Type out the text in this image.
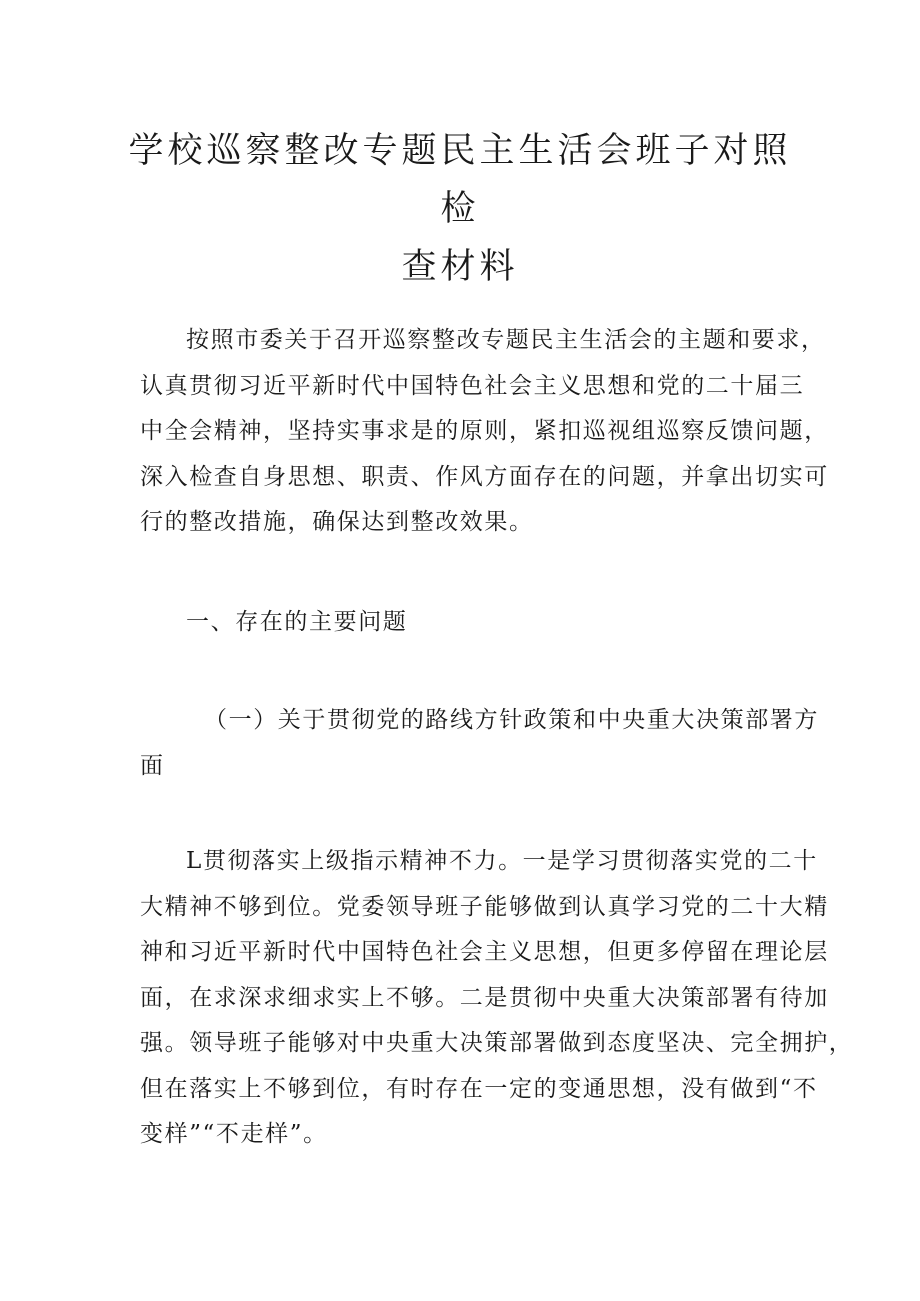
学校巡察整改专题民主生活会班子对照检
查材料
按照市委关于召开巡察整改专题民主生活会的主题和要求，
认真贯彻习近平新时代中国特色社会主义思想和党的二十届三
中全会精神，坚持实事求是的原则，紧扣巡视组巡察反馈问题，
深入检查自身思想、职责、作风方面存在的问题，并拿出切实可
行的整改措施，确保达到整改效果。
一、存在的主要问题
（一）关于贯彻党的路线方针政策和中央重大决策部署方
面
L贯彻落实上级指示精神不力。一是学习贯彻落实党的二十
大精神不够到位。党委领导班子能够做到认真学习党的二十大精
神和习近平新时代中国特色社会主义思想，但更多停留在理论层
面，在求深求细求实上不够。二是贯彻中央重大决策部署有待加
强。领导班子能够对中央重大决策部署做到态度坚决、完全拥护，
但在落实上不够到位，有时存在一定的变通思想，没有做到“不
变样”“不走样”。
